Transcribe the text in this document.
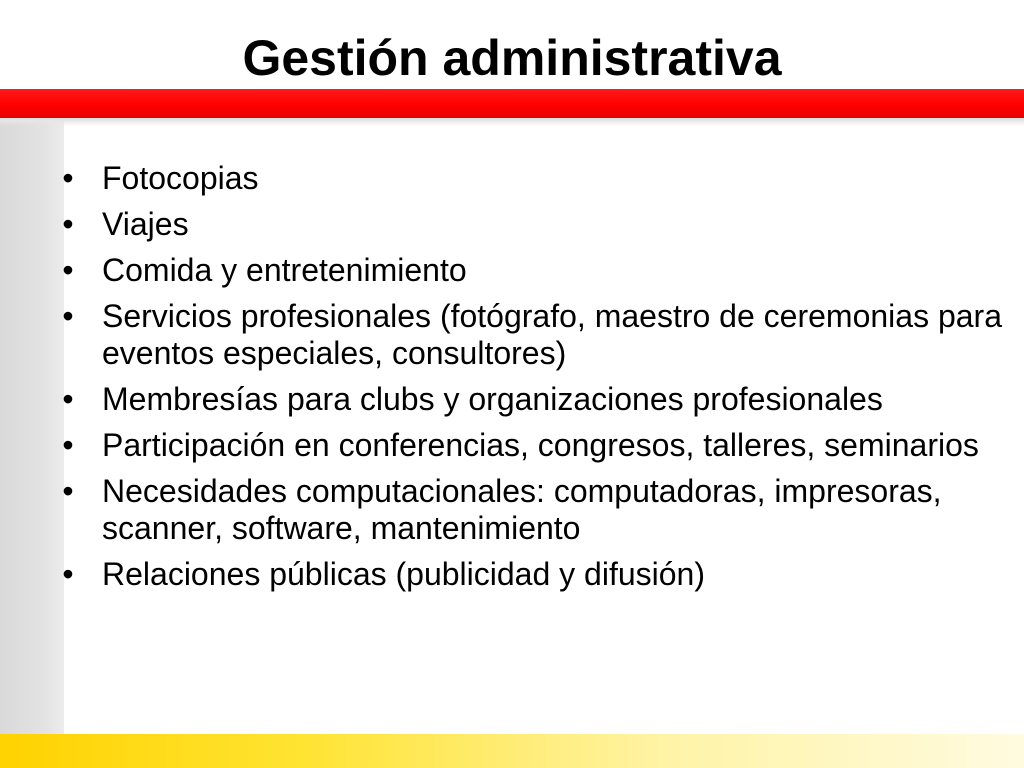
Gestión administrativa
• Fotocopias
• Viajes
• Comida y entretenimiento
• Servicios profesionales (fotógrafo, maestro de ceremonias para eventos especiales, consultores)
• Membresías para clubs y organizaciones profesionales
• Participación en conferencias, congresos, talleres, seminarios
• Necesidades computacionales: computadoras, impresoras, scanner, software, mantenimiento
• Relaciones públicas (publicidad y difusión)
